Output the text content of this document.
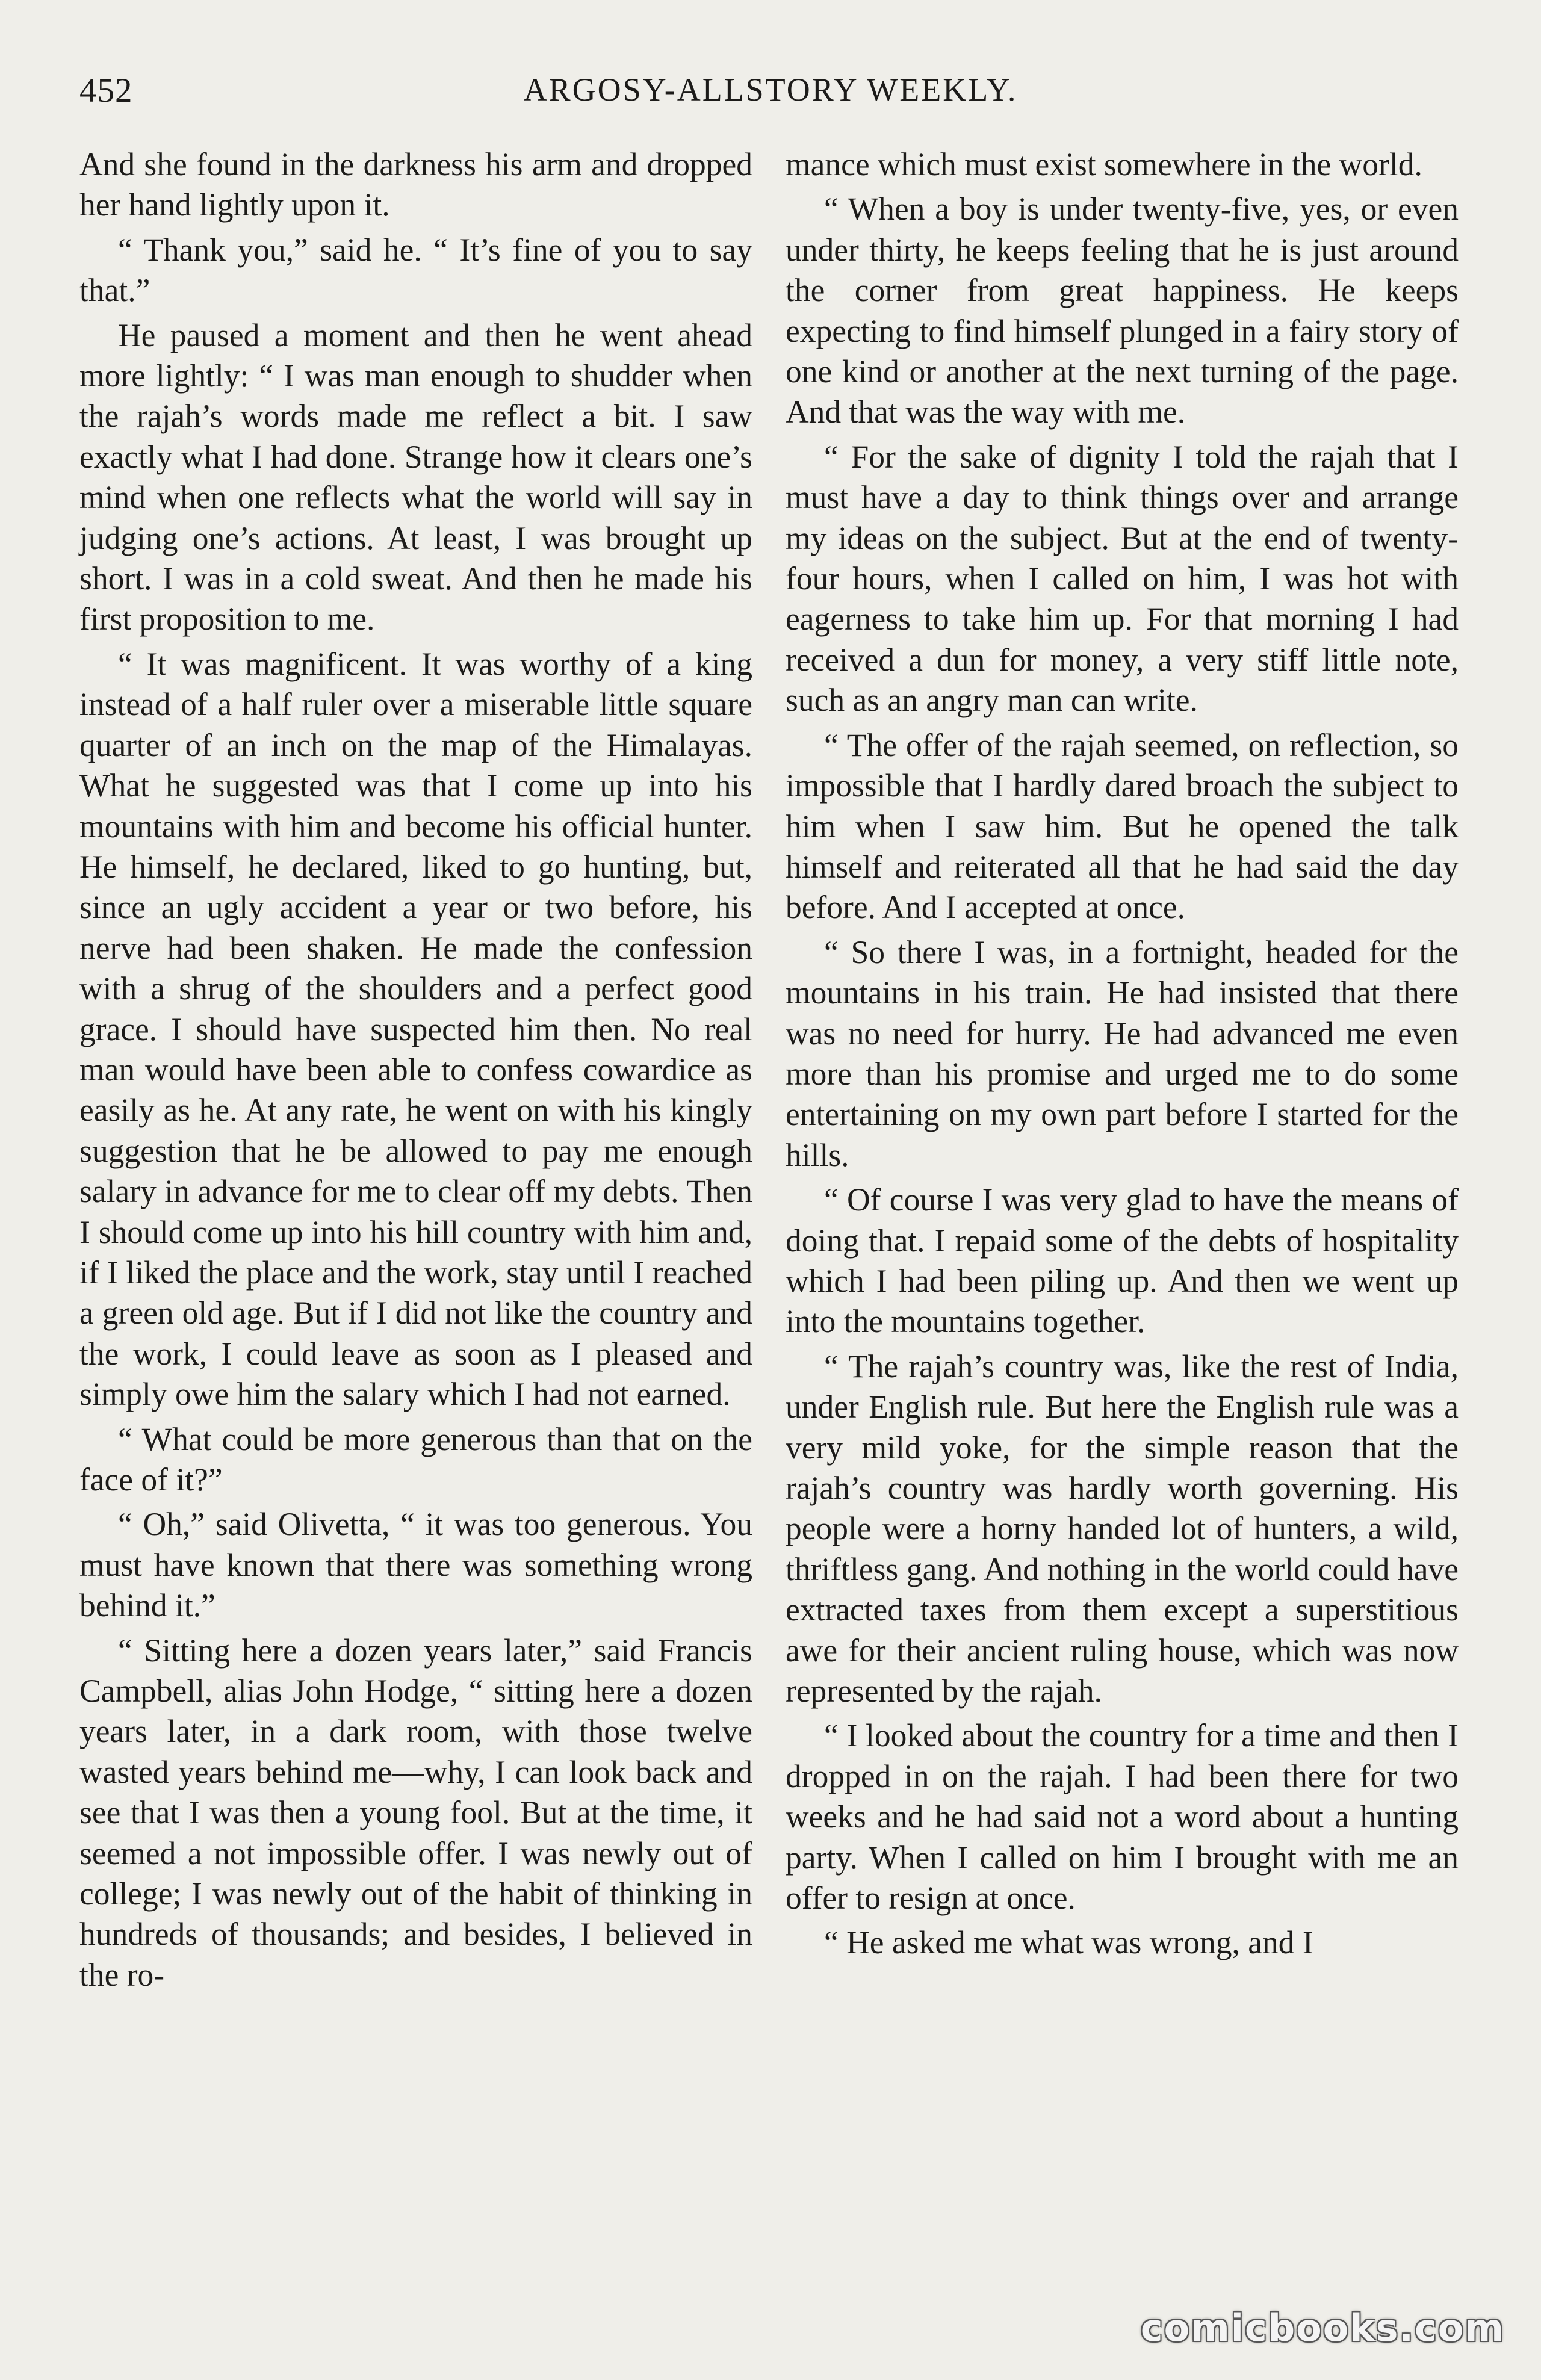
452	ARGOSY-ALLSTORY WEEKLY.

And she found in the darkness his arm and dropped her hand lightly upon it.

“ Thank you,” said he. “ It’s fine of you to say that.”

He paused a moment and then he went ahead more lightly: “ I was man enough to shudder when the rajah’s words made me reflect a bit. I saw exactly what I had done. Strange how it clears one’s mind when one reflects what the world will say in judging one’s actions. At least, I was brought up short. I was in a cold sweat. And then he made his first proposition to me.

“ It was magnificent. It was worthy of a king instead of a half ruler over a miserable little square quarter of an inch on the map of the Himalayas. What he suggested was that I come up into his mountains with him and become his official hunter. He himself, he declared, liked to go hunting, but, since an ugly accident a year or two before, his nerve had been shaken. He made the confession with a shrug of the shoulders and a perfect good grace. I should have suspected him then. No real man would have been able to confess cowardice as easily as he. At any rate, he went on with his kingly suggestion that he be allowed to pay me enough salary in advance for me to clear off my debts. Then I should come up into his hill country with him and, if I liked the place and the work, stay until I reached a green old age. But if I did not like the country and the work, I could leave as soon as I pleased and simply owe him the salary which I had not earned.

“ What could be more generous than that on the face of it?”

“ Oh,” said Olivetta, “ it was too generous. You must have known that there was something wrong behind it.”

“ Sitting here a dozen years later,” said Francis Campbell, alias John Hodge, “ sitting here a dozen years later, in a dark room, with those twelve wasted years behind me—why, I can look back and see that I was then a young fool. But at the time, it seemed a not impossible offer. I was newly out of college; I was newly out of the habit of thinking in hundreds of thousands; and besides, I believed in the ro-

mance which must exist somewhere in the world.

“ When a boy is under twenty-five, yes, or even under thirty, he keeps feeling that he is just around the corner from great happiness. He keeps expecting to find himself plunged in a fairy story of one kind or another at the next turning of the page. And that was the way with me.

“ For the sake of dignity I told the rajah that I must have a day to think things over and arrange my ideas on the subject. But at the end of twenty-four hours, when I called on him, I was hot with eagerness to take him up. For that morning I had received a dun for money, a very stiff little note, such as an angry man can write.

“ The offer of the rajah seemed, on reflection, so impossible that I hardly dared broach the subject to him when I saw him. But he opened the talk himself and reiterated all that he had said the day before. And I accepted at once.

“ So there I was, in a fortnight, headed for the mountains in his train. He had insisted that there was no need for hurry. He had advanced me even more than his promise and urged me to do some entertaining on my own part before I started for the hills.

“ Of course I was very glad to have the means of doing that. I repaid some of the debts of hospitality which I had been piling up. And then we went up into the mountains together.

“ The rajah’s country was, like the rest of India, under English rule. But here the English rule was a very mild yoke, for the simple reason that the rajah’s country was hardly worth governing. His people were a horny handed lot of hunters, a wild, thriftless gang. And nothing in the world could have extracted taxes from them except a superstitious awe for their ancient ruling house, which was now represented by the rajah.

“ I looked about the country for a time and then I dropped in on the rajah. I had been there for two weeks and he had said not a word about a hunting party. When I called on him I brought with me an offer to resign at once.

“ He asked me what was wrong, and I

comicbooks.com
